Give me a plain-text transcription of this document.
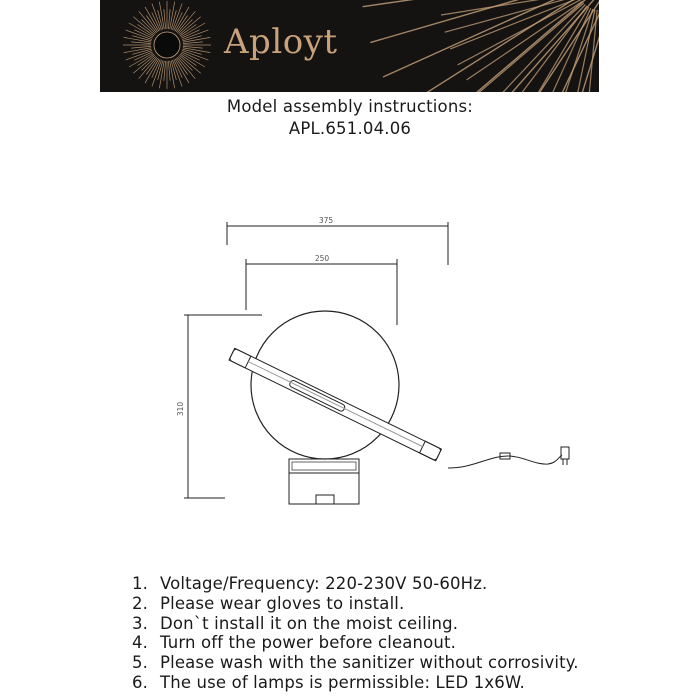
Aployt
Model assembly instructions:
APL.651.04.06
375
250
310
1. Voltage/Frequency: 220-230V 50-60Hz.
2. Please wear gloves to install.
3. Don`t install it on the moist ceiling.
4. Turn off the power before cleanout.
5. Please wash with the sanitizer without corrosivity.
6. The use of lamps is permissible: LED 1x6W.
